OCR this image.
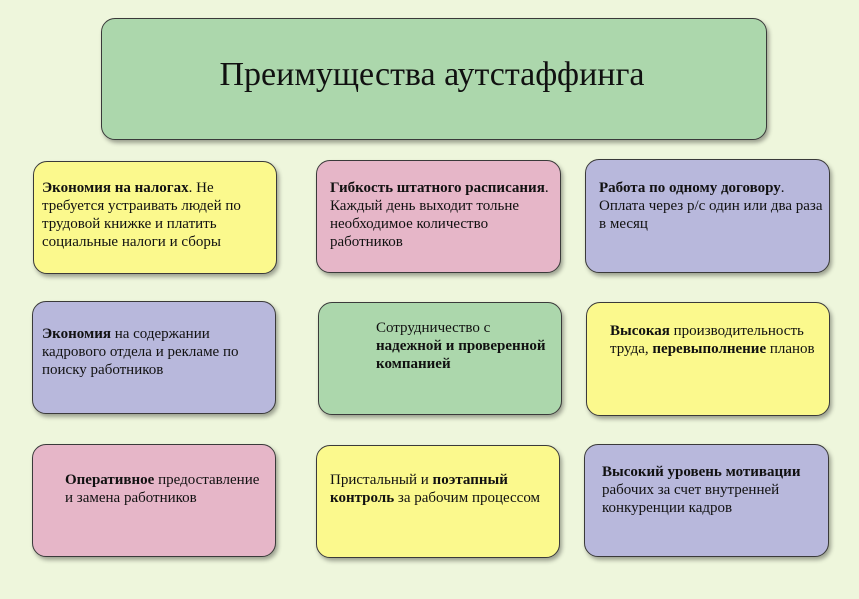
Преимущества аутстаффинга
Экономия на налогах. Не требуется устраивать людей по трудовой книжке и платить социальные налоги и сборы
Гибкость штатного расписания. Каждый день выходит тольне необходимое количество работников
Работа по одному договору. Оплата через р/с один или два раза в месяц
Экономия на содержании кадрового отдела и рекламе по поиску работников
Сотрудничество с надежной и проверенной компанией
Высокая производительность труда, перевыполнение планов
Оперативное предоставление и замена работников
Пристальный и поэтапный контроль за рабочим процессом
Высокий уровень мотивации рабочих за счет внутренней конкуренции кадров
